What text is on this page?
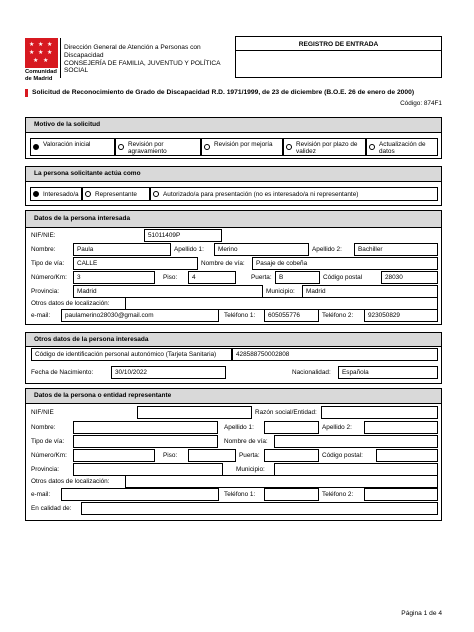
★ ★ ★
★ ★ ★
★ ★
Comunidad
de Madrid
Dirección General de Atención a Personas con Discapacidad
CONSEJERÍA DE FAMILIA, JUVENTUD Y POLÍTICA SOCIAL
REGISTRO DE ENTRADA
Solicitud de Reconocimiento de Grado de Discapacidad R.D. 1971/1999, de 23 de diciembre (B.O.E. 26 de enero de 2000)
Código: 874F1
Motivo de la solicitud
Valoración inicial	Revisión por agravamiento
Revisión por mejoría	Revisión por plazo de validez
Actualización de datos
La persona solicitante actúa como
Interesado/a	Representante	Autorizado/a para presentación (no es interesado/a ni representante)
Datos de la persona interesada
NIF/NIE:	51011409P
Nombre:	Paula	Apellido 1:	Merino	Apellido 2:	Bachiller
Tipo de vía:	CALLE	Nombre de vía:	Pasaje de cobeña
Número/Km:	3	Piso:	4	Puerta:	B	Código postal	28030
Provincia:	Madrid	Municipio:	Madrid
Otros datos de localización:
e-mail:	paulamerino28030@gmail.com	Teléfono 1:	605055776	Teléfono 2:	923050829
Otros datos de la persona interesada
Código de identificación personal autonómico (Tarjeta Sanitaria)	428588750002808
Fecha de Nacimiento:	30/10/2022	Nacionalidad:	Española
Datos de la persona o entidad representante
NIF/NIE	Razón social/Entidad:
Nombre:	Apellido 1:	Apellido 2:
Tipo de vía:	Nombre de vía:
Número/Km:	Piso:	Puerta:	Código postal:
Provincia:	Municipio:
Otros datos de localización:
e-mail:	Teléfono 1:	Teléfono 2:
En calidad de:
Página 1 de 4
